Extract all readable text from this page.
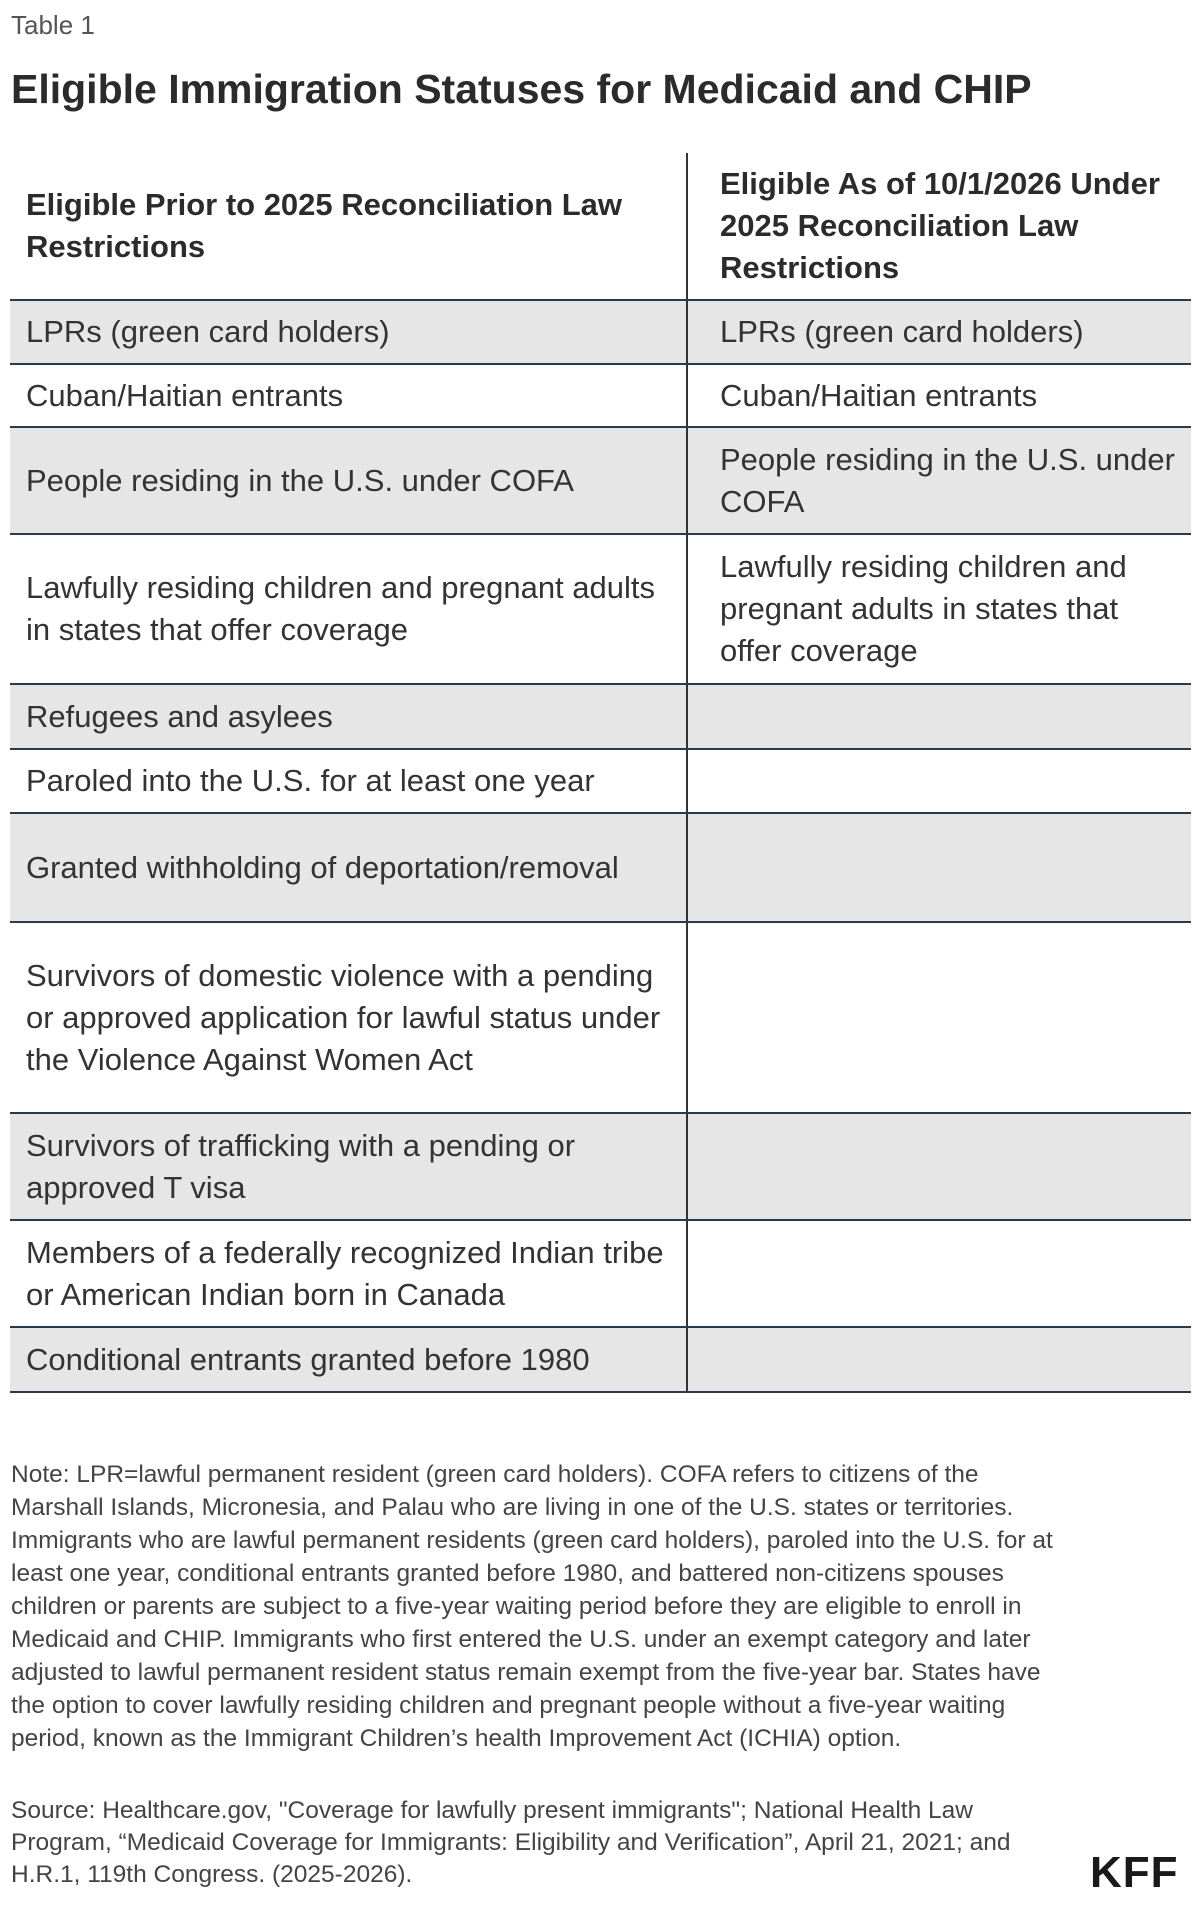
Table 1
Eligible Immigration Statuses for Medicaid and CHIP
Eligible Prior to 2025 Reconciliation Law Restrictions	Eligible As of 10/1/2026 Under 2025 Reconciliation Law Restrictions
LPRs (green card holders)	LPRs (green card holders)
Cuban/Haitian entrants	Cuban/Haitian entrants
People residing in the U.S. under COFA	People residing in the U.S. under COFA
Lawfully residing children and pregnant adults in states that offer coverage	Lawfully residing children and pregnant adults in states that offer coverage
Refugees and asylees	
Paroled into the U.S. for at least one year	
Granted withholding of deportation/removal	
Survivors of domestic violence with a pending or approved application for lawful status under the Violence Against Women Act	
Survivors of trafficking with a pending or approved T visa	
Members of a federally recognized Indian tribe or American Indian born in Canada	
Conditional entrants granted before 1980	
Note: LPR=lawful permanent resident (green card holders). COFA refers to citizens of the Marshall Islands, Micronesia, and Palau who are living in one of the U.S. states or territories. Immigrants who are lawful permanent residents (green card holders), paroled into the U.S. for at least one year, conditional entrants granted before 1980, and battered non-citizens spouses children or parents are subject to a five-year waiting period before they are eligible to enroll in Medicaid and CHIP. Immigrants who first entered the U.S. under an exempt category and later adjusted to lawful permanent resident status remain exempt from the five-year bar. States have the option to cover lawfully residing children and pregnant people without a five-year waiting period, known as the Immigrant Children’s health Improvement Act (ICHIA) option.
Source: Healthcare.gov, "Coverage for lawfully present immigrants"; National Health Law Program, “Medicaid Coverage for Immigrants: Eligibility and Verification”, April 21, 2021; and H.R.1, 119th Congress. (2025-2026).	KFF
